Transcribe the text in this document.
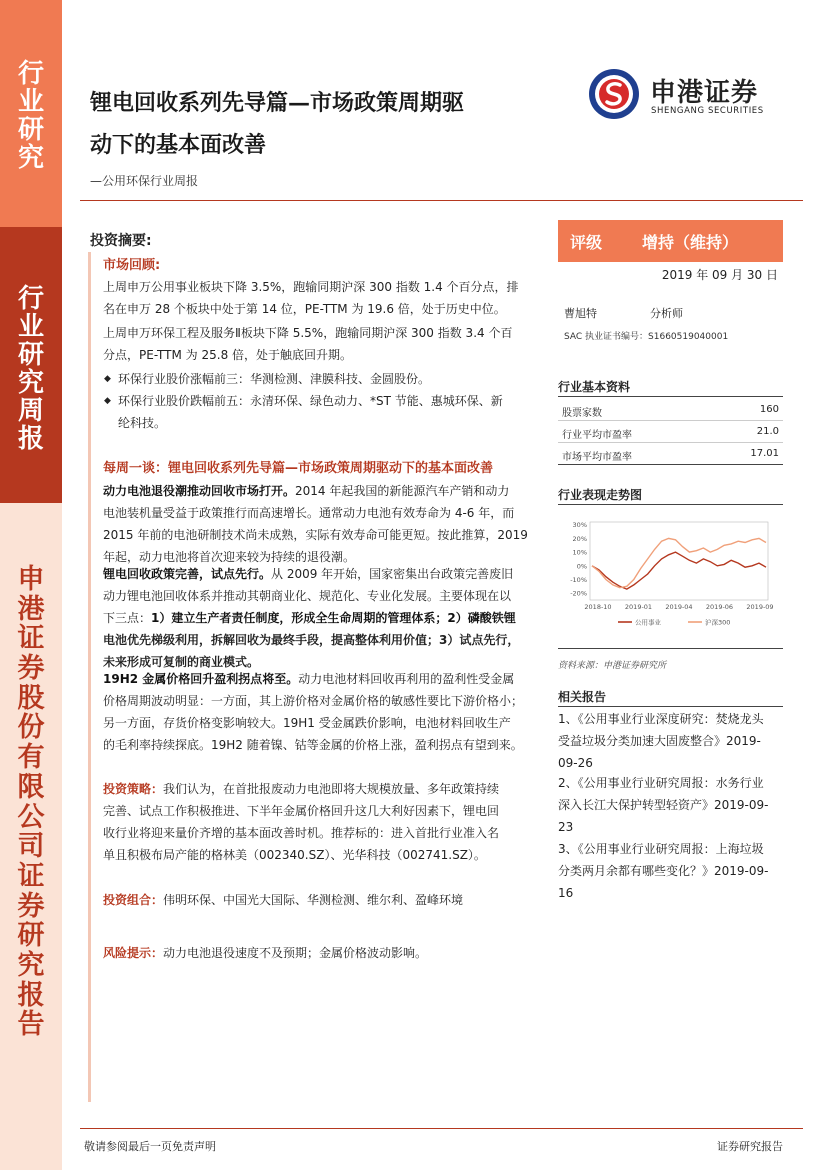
行
业
研
究
行
业
研
究
周
报
申
港
证
券
股
份
有
限
公
司
证
券
研
究
报
告
锂电回收系列先导篇—市场政策周期驱
动下的基本面改善
—公用环保行业周报
申港证券
SHENGANG SECURITIES
投资摘要:
市场回顾:
上周申万公用事业板块下降 3.5%，跑输同期沪深 300 指数 1.4 个百分点，排
名在申万 28 个板块中处于第 14 位，PE-TTM 为 19.6 倍，处于历史中位。
上周申万环保工程及服务Ⅱ板块下降 5.5%，跑输同期沪深 300 指数 3.4 个百
分点，PE-TTM 为 25.8 倍，处于触底回升期。
◆ 环保行业股价涨幅前三：华测检测、津膜科技、金圆股份。
◆ 环保行业股价跌幅前五：永清环保、绿色动力、*ST 节能、惠城环保、新
纶科技。
每周一谈：锂电回收系列先导篇—市场政策周期驱动下的基本面改善
动力电池退役潮推动回收市场打开。2014 年起我国的新能源汽车产销和动力
电池装机量受益于政策推行而高速增长。通常动力电池有效寿命为 4-6 年，而
2015 年前的电池研制技术尚未成熟，实际有效寿命可能更短。按此推算，2019
年起，动力电池将首次迎来较为持续的退役潮。
锂电回收政策完善，试点先行。从 2009 年开始，国家密集出台政策完善废旧
动力锂电池回收体系并推动其朝商业化、规范化、专业化发展。主要体现在以
下三点：1）建立生产者责任制度，形成全生命周期的管理体系；2）磷酸铁锂
电池优先梯级利用，拆解回收为最终手段，提高整体利用价值；3）试点先行，
未来形成可复制的商业模式。
19H2 金属价格回升盈利拐点将至。动力电池材料回收再利用的盈利性受金属
价格周期波动明显：一方面，其上游价格对金属价格的敏感性要比下游价格小；
另一方面，存货价格变影响较大。19H1 受金属跌价影响，电池材料回收生产
的毛利率持续探底。19H2 随着镍、钴等金属的价格上涨，盈利拐点有望到来。
投资策略：我们认为，在首批报废动力电池即将大规模放量、多年政策持续
完善、试点工作积极推进、下半年金属价格回升这几大利好因素下，锂电回
收行业将迎来量价齐增的基本面改善时机。推荐标的：进入首批行业准入名
单且积极布局产能的格林美（002340.SZ）、光华科技（002741.SZ）。
投资组合：伟明环保、中国光大国际、华测检测、维尔利、盈峰环境
风险提示：动力电池退役速度不及预期；金属价格波动影响。
评级 增持（维持）
2019 年 09 月 30 日
曹旭特	分析师
SAC 执业证书编号：S1660519040001
行业基本资料
股票家数	160
行业平均市盈率	21.0
市场平均市盈率	17.01
行业表现走势图
30%
20%
10%
0%
-10%
-20%
2018-10 2019-01 2019-04 2019-06 2019-09
公用事业	沪深300
资料来源：申港证券研究所
相关报告
1、《公用事业行业深度研究：焚烧龙头
受益垃圾分类加速大固废整合》2019-
09-26
2、《公用事业行业研究周报：水务行业
深入长江大保护转型轻资产》2019-09-
23
3、《公用事业行业研究周报：上海垃圾
分类两月余都有哪些变化？》2019-09-
16
敬请参阅最后一页免责声明	证券研究报告
